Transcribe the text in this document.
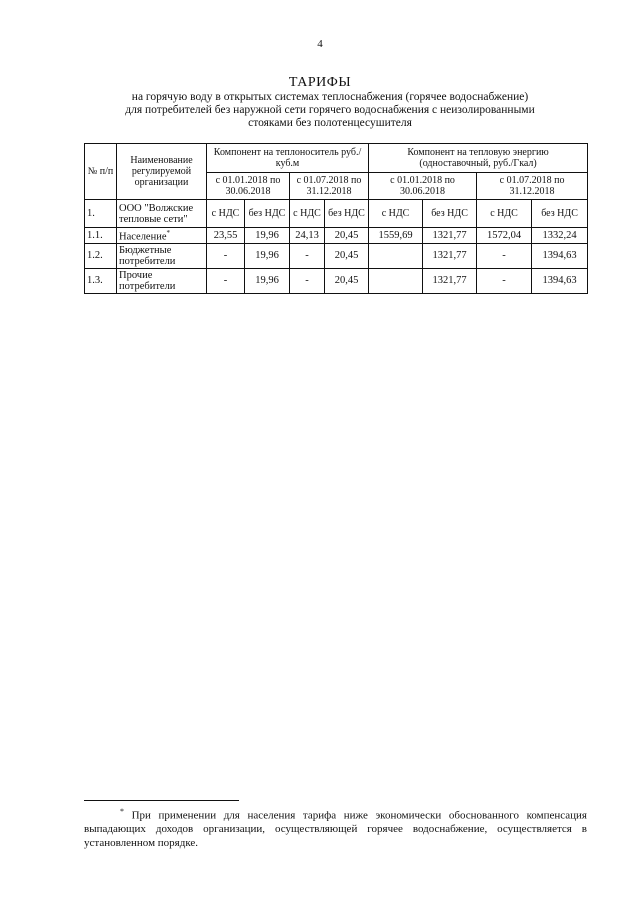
4
ТАРИФЫ
на горячую воду в открытых системах теплоснабжения (горячее водоснабжение)
для потребителей без наружной сети горячего водоснабжения с неизолированными
стояками без полотенцесушителя
№ п/п	Наименование регулируемой организации	Компонент на теплоноситель руб./куб.м				Компонент на тепловую энергию (одноставочный, руб./Гкал)			
		с 01.01.2018 по 30.06.2018		с 01.07.2018 по 31.12.2018		с 01.01.2018 по 30.06.2018		с 01.07.2018 по 31.12.2018	

1.	ООО "Волжские тепловые сети"	с НДС	без НДС	с НДС	без НДС	с НДС	без НДС	с НДС	без НДС
1.1.	Население*	23,55	19,96	24,13	20,45	1559,69	1321,77	1572,04	1332,24
1.2.	Бюджетные потребители	-	19,96	-	20,45		1321,77	-	1394,63
1.3.	Прочие потребители	-	19,96	-	20,45		1321,77	-	1394,63
* При применении для населения тарифа ниже экономически обоснованного компенсация выпадающих доходов организации, осуществляющей горячее водоснабжение, осуществляется в установленном порядке.
